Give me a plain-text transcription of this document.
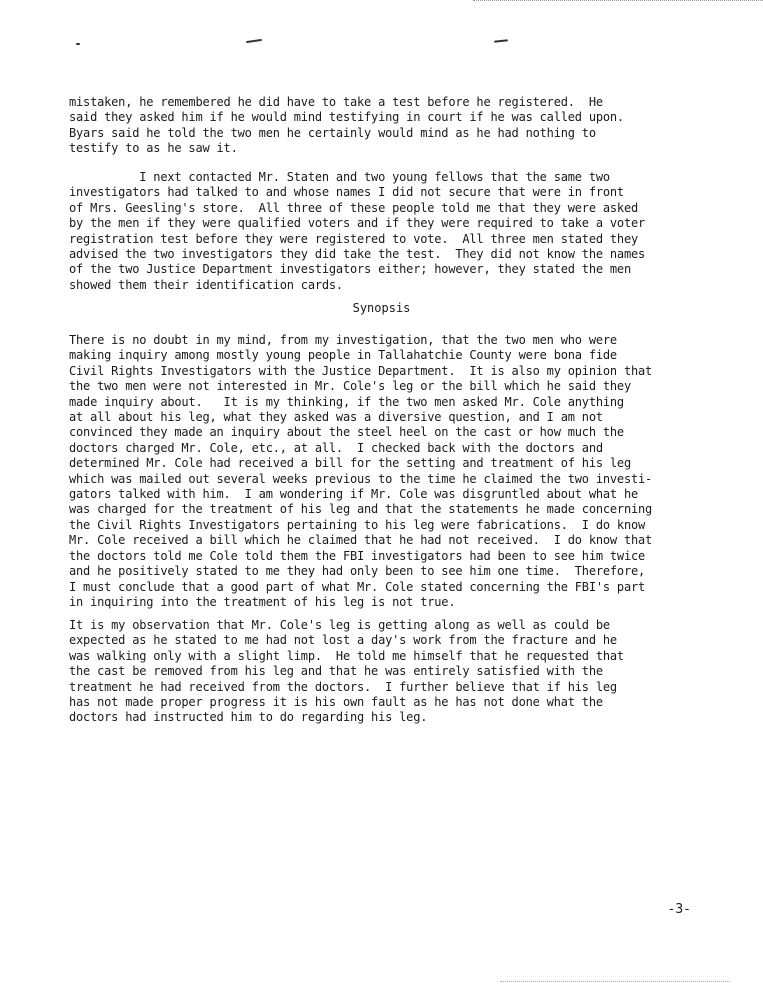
mistaken, he remembered he did have to take a test before he registered.  He
said they asked him if he would mind testifying in court if he was called upon.
Byars said he told the two men he certainly would mind as he had nothing to
testify to as he saw it.

I next contacted Mr. Staten and two young fellows that the same two
investigators had talked to and whose names I did not secure that were in front
of Mrs. Geesling's store.  All three of these people told me that they were asked
by the men if they were qualified voters and if they were required to take a voter
registration test before they were registered to vote.  All three men stated they
advised the two investigators they did take the test.  They did not know the names
of the two Justice Department investigators either; however, they stated the men
showed them their identification cards.

Synopsis

There is no doubt in my mind, from my investigation, that the two men who were
making inquiry among mostly young people in Tallahatchie County were bona fide
Civil Rights Investigators with the Justice Department.  It is also my opinion that
the two men were not interested in Mr. Cole's leg or the bill which he said they
made inquiry about.   It is my thinking, if the two men asked Mr. Cole anything
at all about his leg, what they asked was a diversive question, and I am not
convinced they made an inquiry about the steel heel on the cast or how much the
doctors charged Mr. Cole, etc., at all.  I checked back with the doctors and
determined Mr. Cole had received a bill for the setting and treatment of his leg
which was mailed out several weeks previous to the time he claimed the two investi-
gators talked with him.  I am wondering if Mr. Cole was disgruntled about what he
was charged for the treatment of his leg and that the statements he made concerning
the Civil Rights Investigators pertaining to his leg were fabrications.  I do know
Mr. Cole received a bill which he claimed that he had not received.  I do know that
the doctors told me Cole told them the FBI investigators had been to see him twice
and he positively stated to me they had only been to see him one time.  Therefore,
I must conclude that a good part of what Mr. Cole stated concerning the FBI's part
in inquiring into the treatment of his leg is not true.

It is my observation that Mr. Cole's leg is getting along as well as could be
expected as he stated to me had not lost a day's work from the fracture and he
was walking only with a slight limp.  He told me himself that he requested that
the cast be removed from his leg and that he was entirely satisfied with the
treatment he had received from the doctors.  I further believe that if his leg
has not made proper progress it is his own fault as he has not done what the
doctors had instructed him to do regarding his leg.

-3-
